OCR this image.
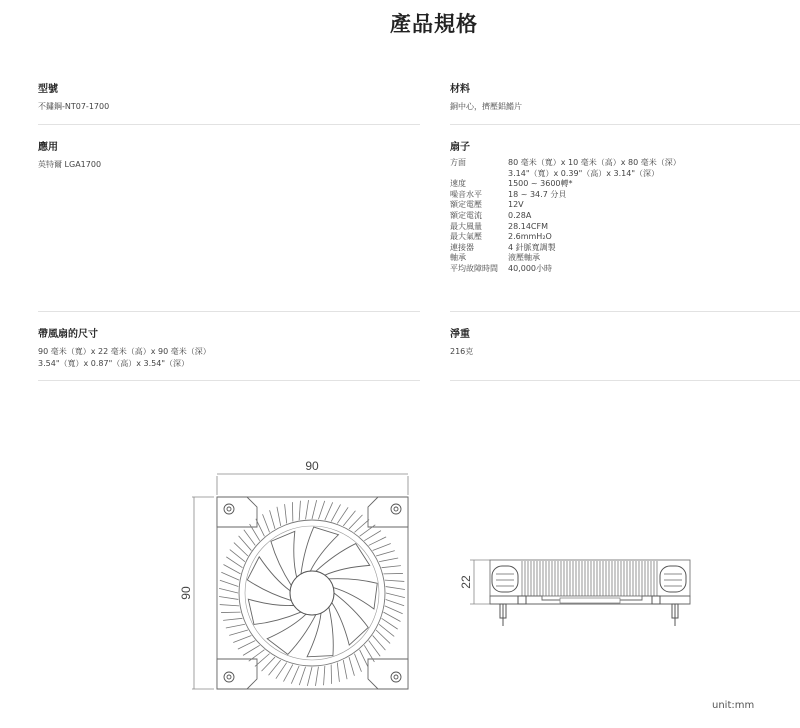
產品規格
型號
不鏽鋼-NT07-1700
材料
銅中心，擠壓鋁鰭片
應用
英特爾 LGA1700
扇子
方面	80 毫米（寬）x 10 毫米（高）x 80 毫米（深）
3.14"（寬）x 0.39"（高）x 3.14"（深）
速度	1500 ~ 3600轉*
噪音水平	18 ~ 34.7 分貝
額定電壓	12V
額定電流	0.28A
最大風量	28.14CFM
最大氣壓	2.6mmH₂O
連接器	4 針脈寬調製
軸承	液壓軸承
平均故障時間	40,000小時
帶風扇的尺寸
90 毫米（寬）x 22 毫米（高）x 90 毫米（深）
3.54"（寬）x 0.87"（高）x 3.54"（深）
淨重
216克
90
90
22
unit:mm
